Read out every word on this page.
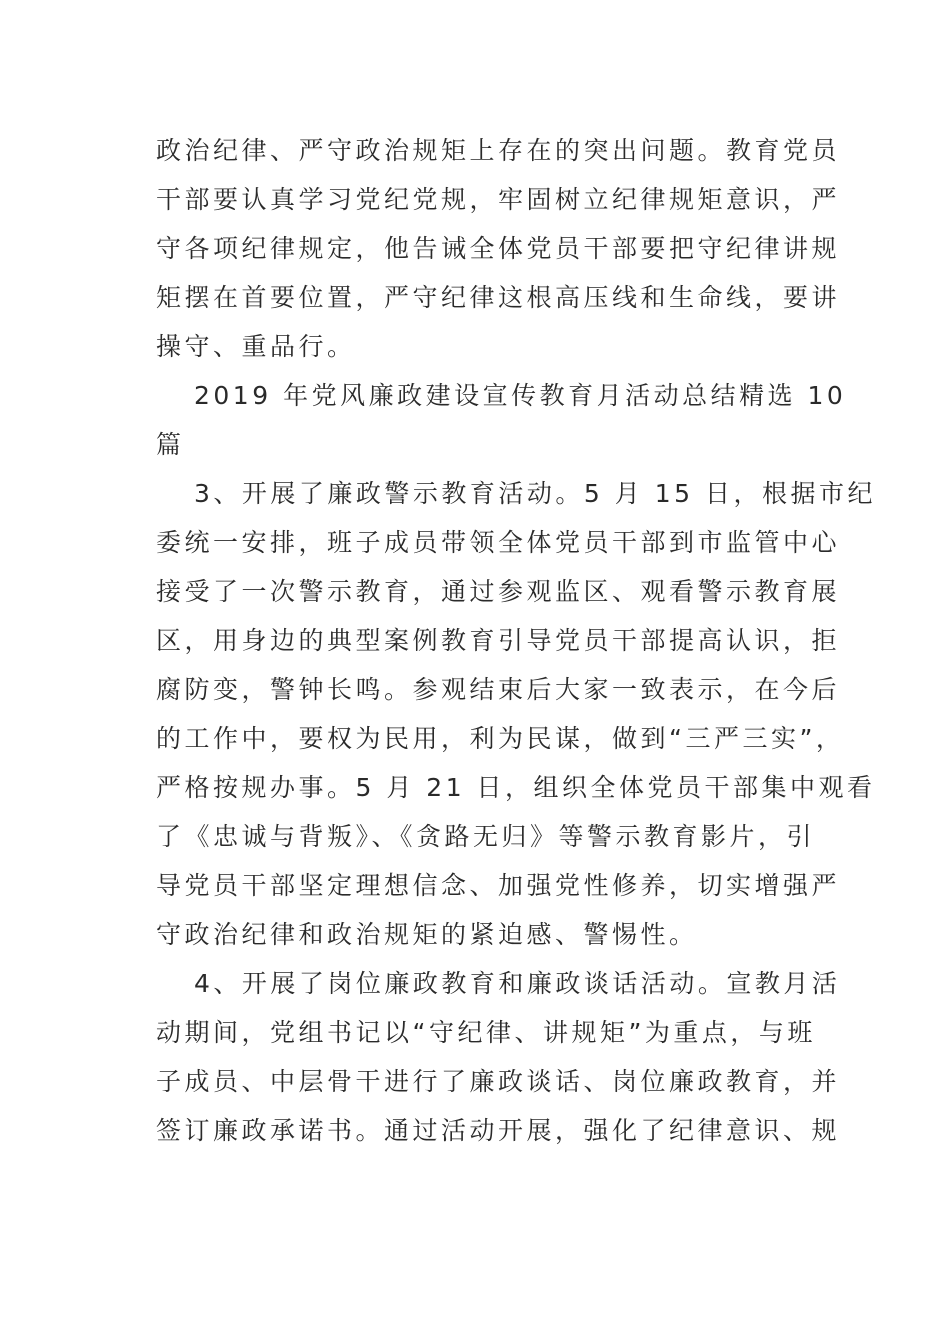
政治纪律、严守政治规矩上存在的突出问题。教育党员
干部要认真学习党纪党规，牢固树立纪律规矩意识，严
守各项纪律规定，他告诫全体党员干部要把守纪律讲规
矩摆在首要位置，严守纪律这根高压线和生命线，要讲
操守、重品行。
2019 年党风廉政建设宣传教育月活动总结精选 10
篇
3、开展了廉政警示教育活动。5 月 15 日，根据市纪
委统一安排，班子成员带领全体党员干部到市监管中心
接受了一次警示教育，通过参观监区、观看警示教育展
区，用身边的典型案例教育引导党员干部提高认识，拒
腐防变，警钟长鸣。参观结束后大家一致表示，在今后
的工作中，要权为民用，利为民谋，做到“三严三实”，
严格按规办事。5 月 21 日，组织全体党员干部集中观看
了《忠诚与背叛》、《贪路无归》等警示教育影片，引
导党员干部坚定理想信念、加强党性修养，切实增强严
守政治纪律和政治规矩的紧迫感、警惕性。
4、开展了岗位廉政教育和廉政谈话活动。宣教月活
动期间，党组书记以“守纪律、讲规矩”为重点，与班
子成员、中层骨干进行了廉政谈话、岗位廉政教育，并
签订廉政承诺书。通过活动开展，强化了纪律意识、规
